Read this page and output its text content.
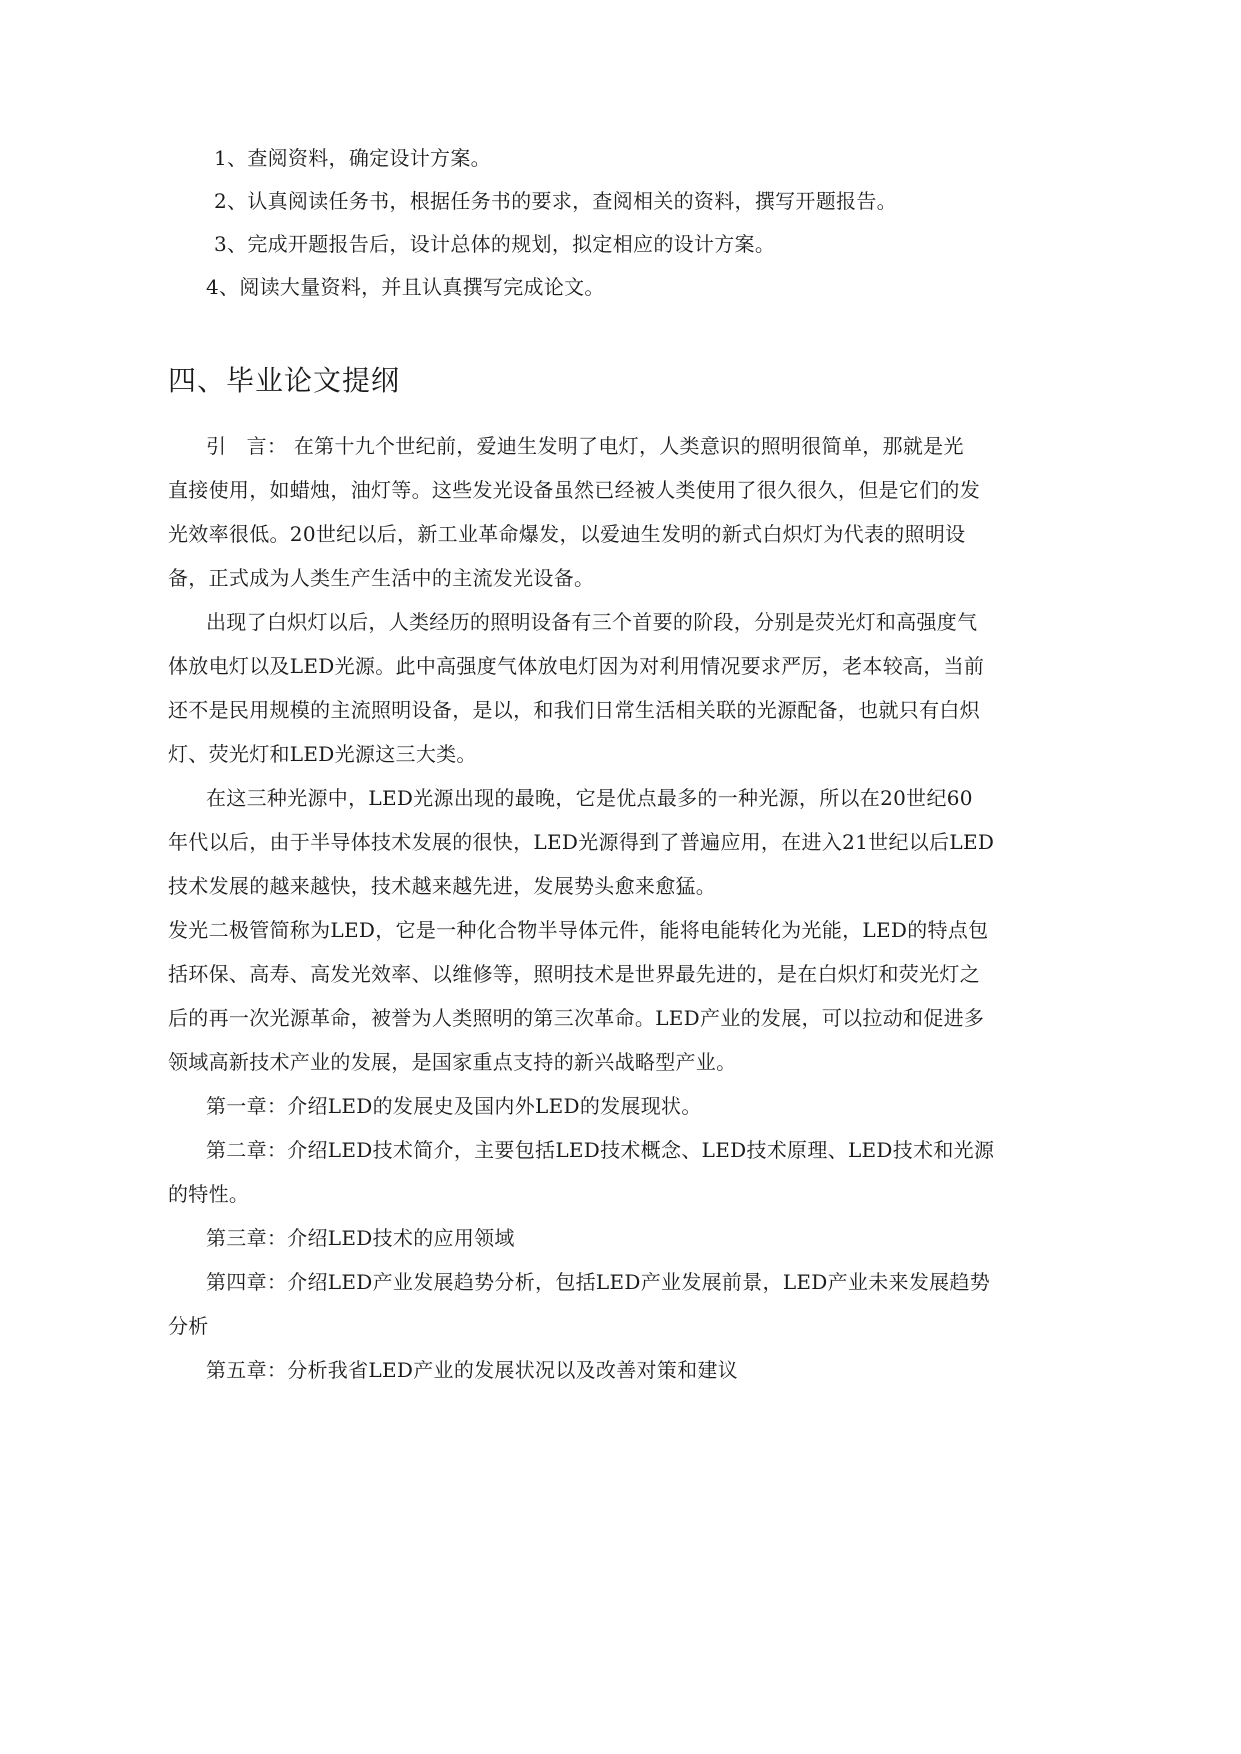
1、查阅资料，确定设计方案。
2、认真阅读任务书，根据任务书的要求，查阅相关的资料，撰写开题报告。
3、完成开题报告后，设计总体的规划，拟定相应的设计方案。
4、阅读大量资料，并且认真撰写完成论文。
四、毕业论文提纲
引　言： 在第十九个世纪前，爱迪生发明了电灯，人类意识的照明很简单，那就是光
直接使用，如蜡烛，油灯等。这些发光设备虽然已经被人类使用了很久很久，但是它们的发
光效率很低。20世纪以后，新工业革命爆发，以爱迪生发明的新式白炽灯为代表的照明设
备，正式成为人类生产生活中的主流发光设备。
出现了白炽灯以后，人类经历的照明设备有三个首要的阶段，分别是荧光灯和高强度气
体放电灯以及LED光源。此中高强度气体放电灯因为对利用情况要求严厉，老本较高，当前
还不是民用规模的主流照明设备，是以，和我们日常生活相关联的光源配备，也就只有白炽
灯、荧光灯和LED光源这三大类。
在这三种光源中，LED光源出现的最晚，它是优点最多的一种光源，所以在20世纪60
年代以后，由于半导体技术发展的很快，LED光源得到了普遍应用，在进入21世纪以后LED
技术发展的越来越快，技术越来越先进，发展势头愈来愈猛。
发光二极管简称为LED，它是一种化合物半导体元件，能将电能转化为光能，LED的特点包
括环保、高寿、高发光效率、以维修等，照明技术是世界最先进的，是在白炽灯和荧光灯之
后的再一次光源革命，被誉为人类照明的第三次革命。LED产业的发展，可以拉动和促进多
领域高新技术产业的发展，是国家重点支持的新兴战略型产业。
第一章：介绍LED的发展史及国内外LED的发展现状。
第二章：介绍LED技术简介，主要包括LED技术概念、LED技术原理、LED技术和光源
的特性。
第三章：介绍LED技术的应用领域
第四章：介绍LED产业发展趋势分析，包括LED产业发展前景，LED产业未来发展趋势
分析
第五章：分析我省LED产业的发展状况以及改善对策和建议
